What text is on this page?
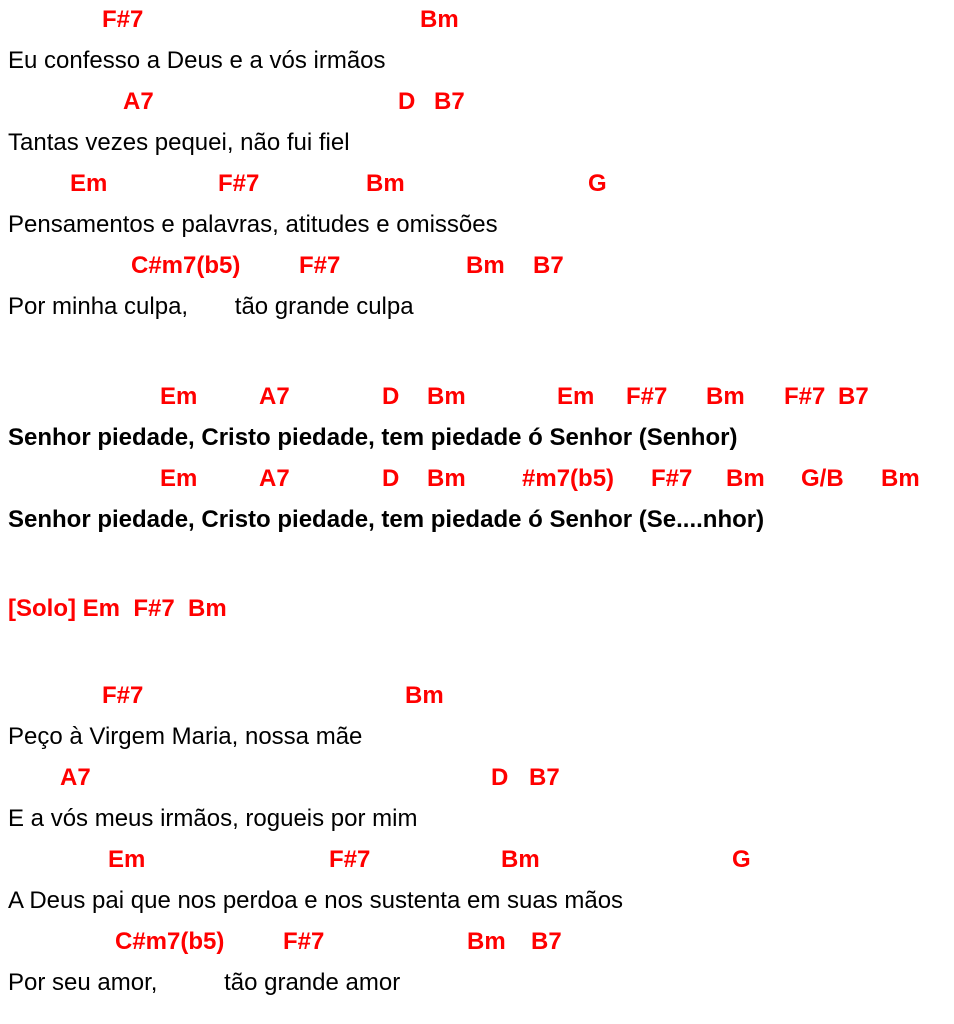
F#7	Bm
Eu confesso a Deus e a vós irmãos
A7	D B7
Tantas vezes pequei, não fui fiel
Em	F#7	Bm	G
Pensamentos e palavras, atitudes e omissões
C#m7(b5) F#7	Bm B7
Por minha culpa,       tão grande culpa
Em	A7	D Bm	Em F#7 Bm F#7 B7
Senhor piedade, Cristo piedade, tem piedade ó Senhor (Senhor)
Em	A7	D Bm #m7(b5) F#7 Bm G/B Bm
Senhor piedade, Cristo piedade, tem piedade ó Senhor (Se....nhor)
[Solo] Em  F#7  Bm
F#7	Bm
Peço à Virgem Maria, nossa mãe
A7	D B7
E a vós meus irmãos, rogueis por mim
Em	F#7	Bm	G
A Deus pai que nos perdoa e nos sustenta em suas mãos
C#m7(b5) F#7	Bm B7
Por seu amor,          tão grande amor
